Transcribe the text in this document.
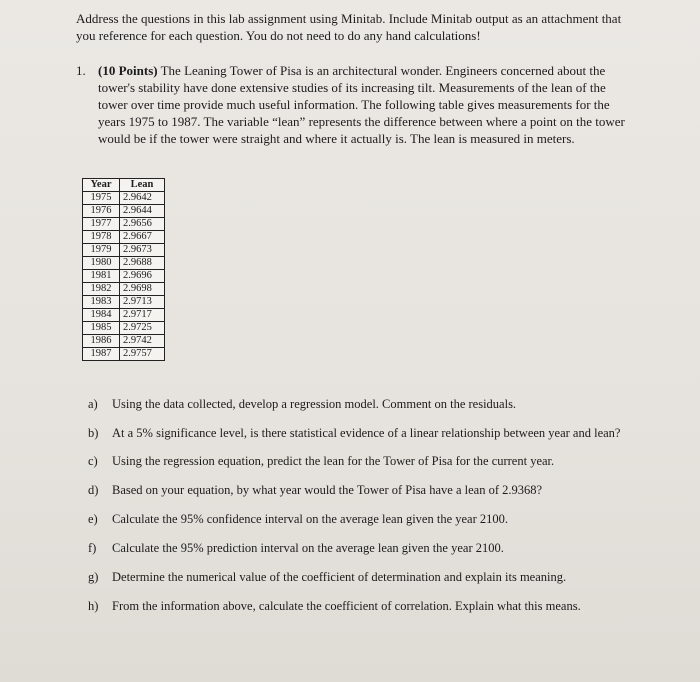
Address the questions in this lab assignment using Minitab. Include Minitab output as an attachment that you reference for each question. You do not need to do any hand calculations!
1. (10 Points) The Leaning Tower of Pisa is an architectural wonder. Engineers concerned about the tower's stability have done extensive studies of its increasing tilt. Measurements of the lean of the tower over time provide much useful information. The following table gives measurements for the years 1975 to 1987. The variable “lean” represents the difference between where a point on the tower would be if the tower were straight and where it actually is. The lean is measured in meters.
Year	Lean
1975	2.9642
1976	2.9644
1977	2.9656
1978	2.9667
1979	2.9673
1980	2.9688
1981	2.9696
1982	2.9698
1983	2.9713
1984	2.9717
1985	2.9725
1986	2.9742
1987	2.9757
a)	Using the data collected, develop a regression model. Comment on the residuals.
b)	At a 5% significance level, is there statistical evidence of a linear relationship between year and lean?
c)	Using the regression equation, predict the lean for the Tower of Pisa for the current year.
d)	Based on your equation, by what year would the Tower of Pisa have a lean of 2.9368?
e)	Calculate the 95% confidence interval on the average lean given the year 2100.
f)	Calculate the 95% prediction interval on the average lean given the year 2100.
g)	Determine the numerical value of the coefficient of determination and explain its meaning.
h)	From the information above, calculate the coefficient of correlation. Explain what this means.
